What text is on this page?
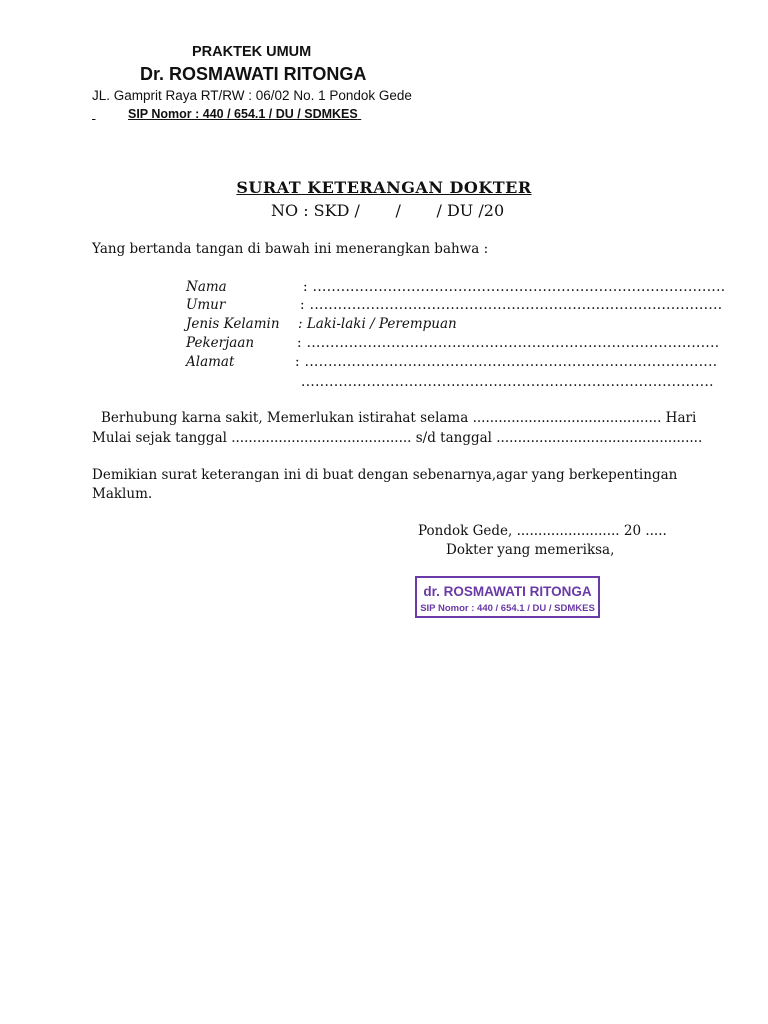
PRAKTEK UMUM
Dr. ROSMAWATI RITONGA
JL. Gamprit Raya RT/RW : 06/02 No. 1 Pondok Gede
SIP Nomor : 440 / 654.1 / DU / SDMKES
SURAT KETERANGAN DOKTER
NO : SKD /       /       / DU /20
Yang bertanda tangan di bawah ini menerangkan bahwa :
Nama	: ........................................................................................
Umur	: ........................................................................................
Jenis Kelamin : Laki-laki / Perempuan
Pekerjaan	: ........................................................................................
Alamat	: ........................................................................................
........................................................................................
Berhubung karna sakit, Memerlukan istirahat selama ............................................ Hari
Mulai sejak tanggal .......................................... s/d tanggal ................................................
Demikian surat keterangan ini di buat dengan sebenarnya,agar yang berkepentingan
Maklum.
Pondok Gede, ........................ 20 .....
Dokter yang memeriksa,
dr. ROSMAWATI RITONGA
SIP Nomor : 440 / 654.1 / DU / SDMKES
